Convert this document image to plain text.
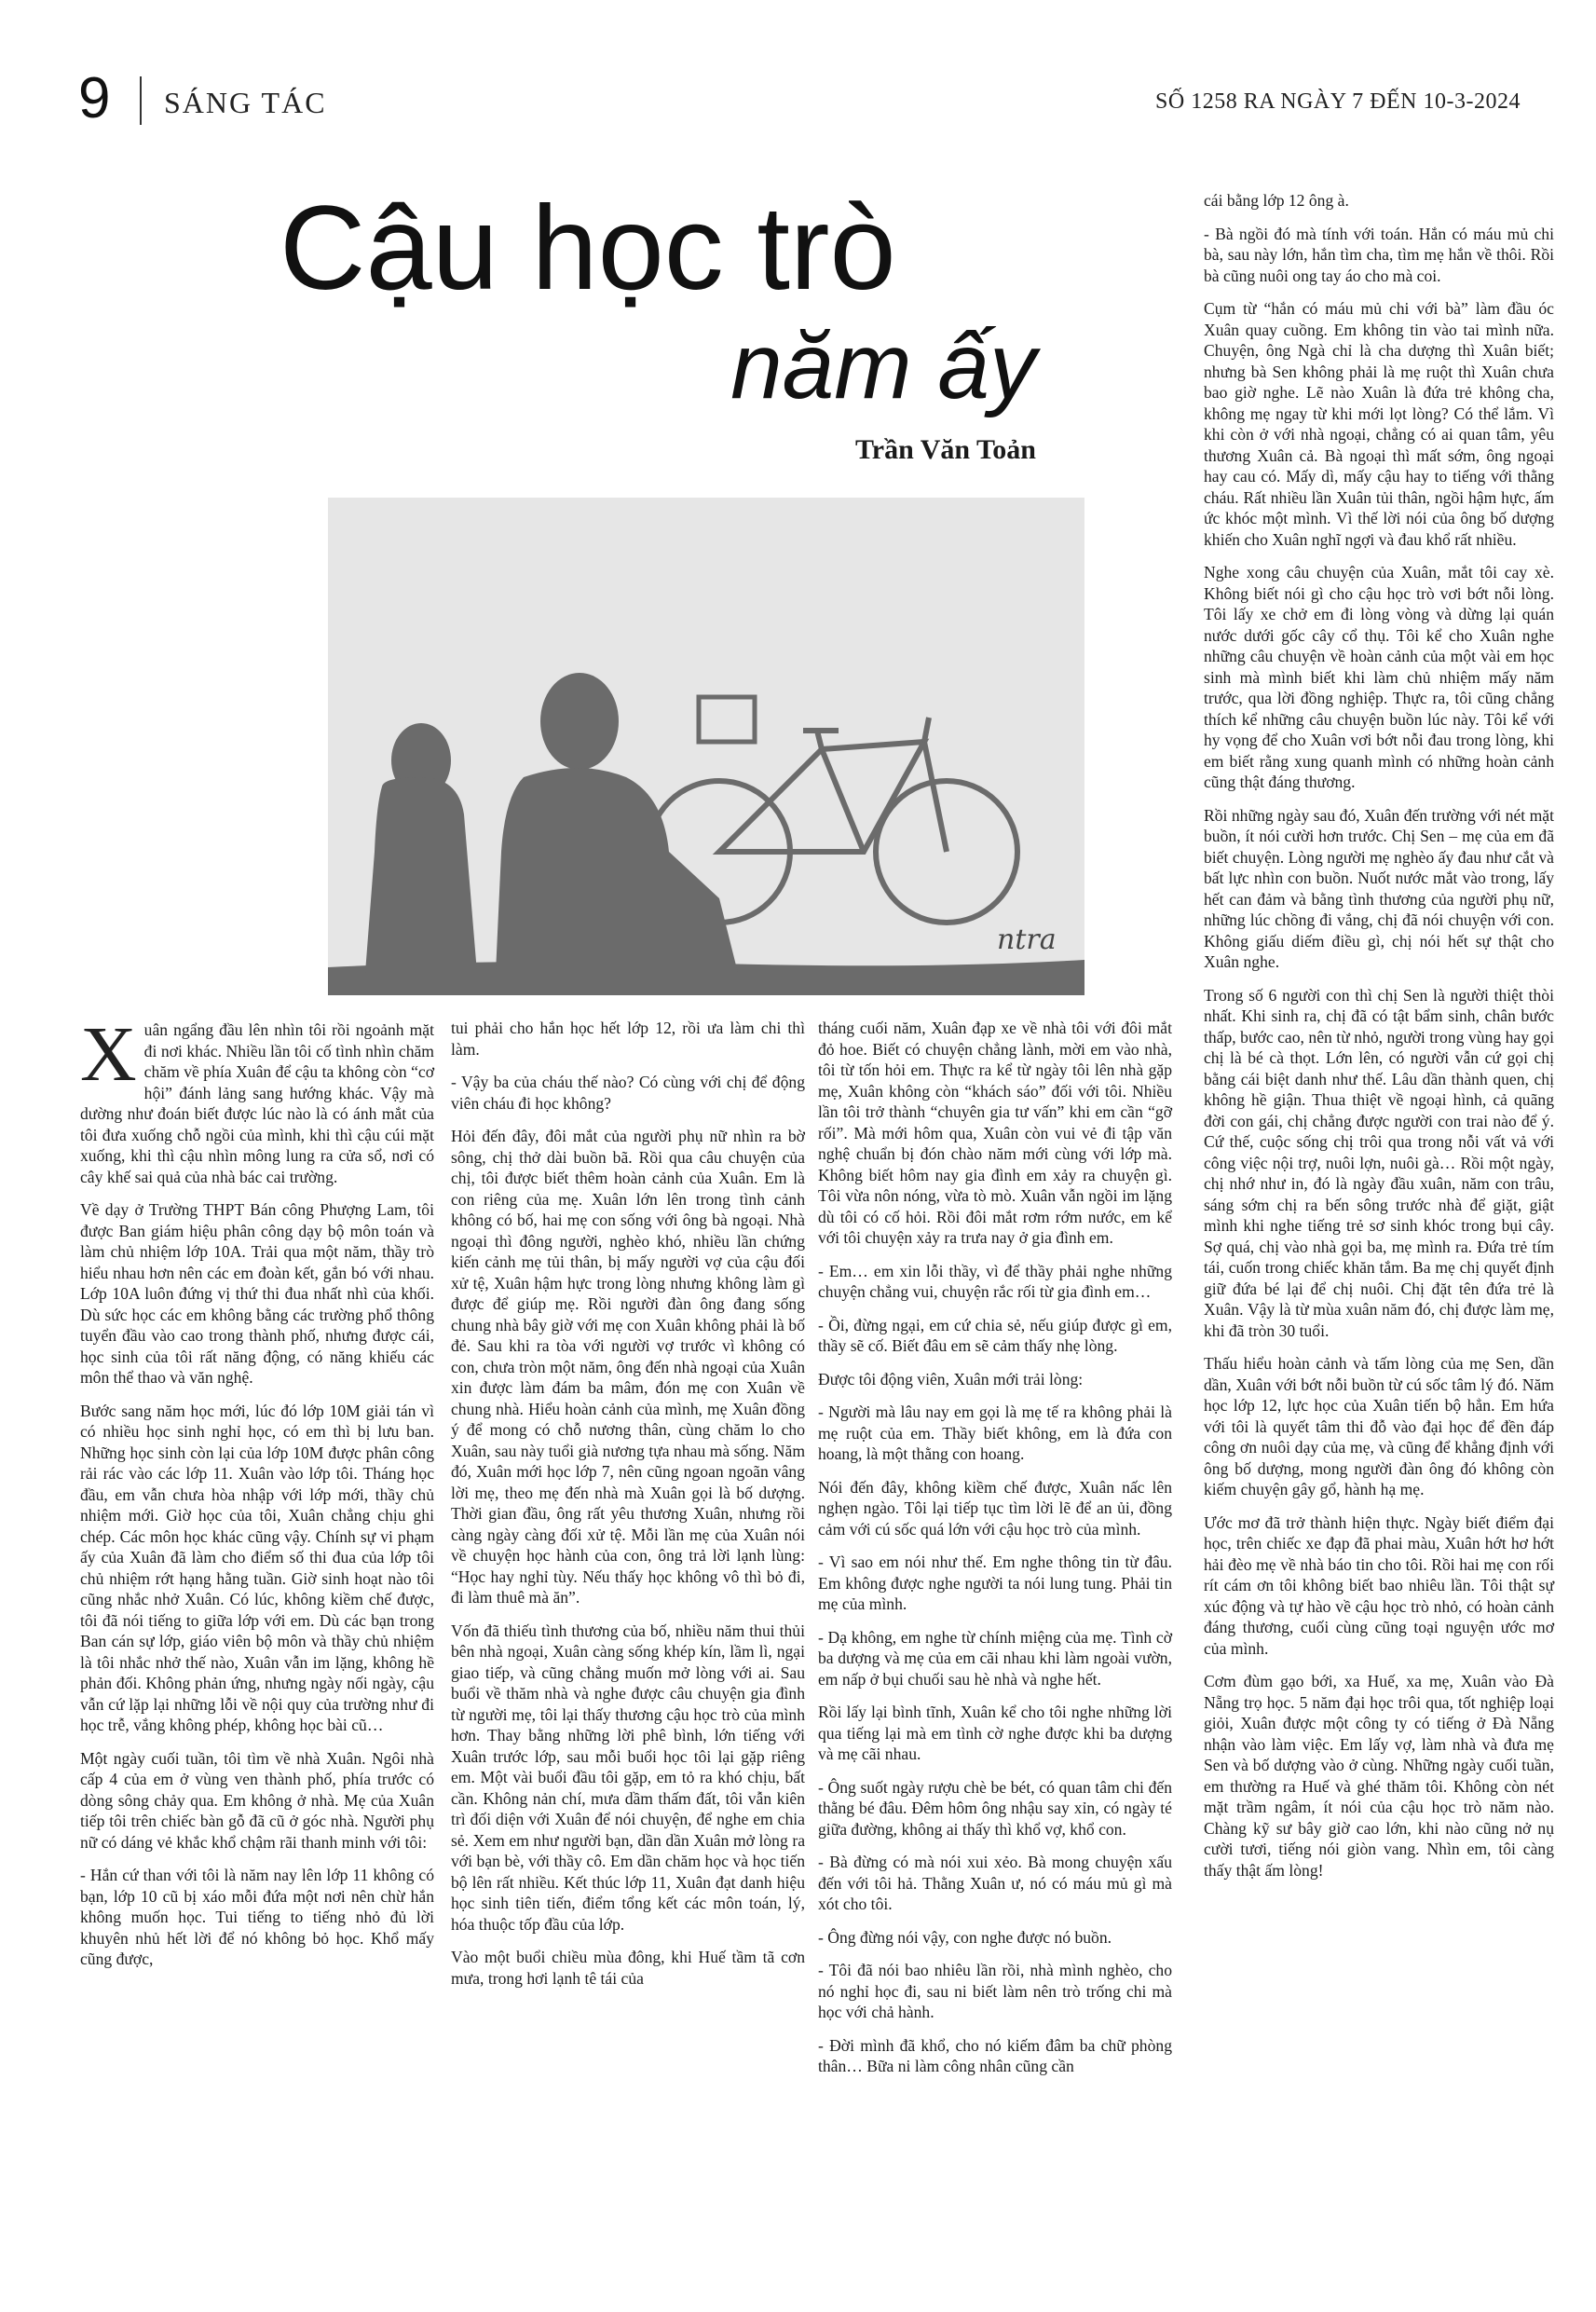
9 SÁNG TÁC	SỐ 1258 RA NGÀY 7 ĐẾN 10-3-2024
Cậu học trò
năm ấy
Trần Văn Toản
ntra

Xuân ngẩng đầu lên nhìn tôi rồi ngoảnh mặt đi nơi khác. Nhiều lần tôi cố tình nhìn chăm chăm về phía Xuân để cậu ta không còn “cơ hội” đánh lảng sang hướng khác. Vậy mà dường như đoán biết được lúc nào là có ánh mắt của tôi đưa xuống chỗ ngồi của mình, khi thì cậu cúi mặt xuống, khi thì cậu nhìn mông lung ra cửa sổ, nơi có cây khế sai quả của nhà bác cai trường.

Về dạy ở Trường THPT Bán công Phượng Lam, tôi được Ban giám hiệu phân công dạy bộ môn toán và làm chủ nhiệm lớp 10A. Trải qua một năm, thầy trò hiểu nhau hơn nên các em đoàn kết, gắn bó với nhau. Lớp 10A luôn đứng vị thứ thi đua nhất nhì của khối. Dù sức học các em không bằng các trường phổ thông tuyển đầu vào cao trong thành phố, nhưng được cái, học sinh của tôi rất năng động, có năng khiếu các môn thể thao và văn nghệ.

Bước sang năm học mới, lúc đó lớp 10M giải tán vì có nhiều học sinh nghỉ học, có em thì bị lưu ban. Những học sinh còn lại của lớp 10M được phân công rải rác vào các lớp 11. Xuân vào lớp tôi. Tháng học đầu, em vẫn chưa hòa nhập với lớp mới, thầy chủ nhiệm mới. Giờ học của tôi, Xuân chẳng chịu ghi chép. Các môn học khác cũng vậy. Chính sự vi phạm ấy của Xuân đã làm cho điểm số thi đua của lớp tôi chủ nhiệm rớt hạng hằng tuần. Giờ sinh hoạt nào tôi cũng nhắc nhở Xuân. Có lúc, không kiềm chế được, tôi đã nói tiếng to giữa lớp với em. Dù các bạn trong Ban cán sự lớp, giáo viên bộ môn và thầy chủ nhiệm là tôi nhắc nhở thế nào, Xuân vẫn im lặng, không hề phản đối. Không phản ứng, nhưng ngày nối ngày, cậu vẫn cứ lặp lại những lỗi về nội quy của trường như đi học trễ, vắng không phép, không học bài cũ…

Một ngày cuối tuần, tôi tìm về nhà Xuân. Ngôi nhà cấp 4 của em ở vùng ven thành phố, phía trước có dòng sông chảy qua. Em không ở nhà. Mẹ của Xuân tiếp tôi trên chiếc bàn gỗ đã cũ ở góc nhà. Người phụ nữ có dáng vẻ khắc khổ chậm rãi thanh minh với tôi:

- Hắn cứ than với tôi là năm nay lên lớp 11 không có bạn, lớp 10 cũ bị xáo mỗi đứa một nơi nên chừ hắn không muốn học. Tui tiếng to tiếng nhỏ đủ lời khuyên nhủ hết lời để nó không bỏ học. Khổ mấy cũng được,

tui phải cho hắn học hết lớp 12, rồi ưa làm chi thì làm.

- Vậy ba của cháu thế nào? Có cùng với chị để động viên cháu đi học không?

Hỏi đến đây, đôi mắt của người phụ nữ nhìn ra bờ sông, chị thở dài buồn bã. Rồi qua câu chuyện của chị, tôi được biết thêm hoàn cảnh của Xuân. Em là con riêng của mẹ. Xuân lớn lên trong tình cảnh không có bố, hai mẹ con sống với ông bà ngoại. Nhà ngoại thì đông người, nghèo khó, nhiều lần chứng kiến cảnh mẹ tủi thân, bị mấy người vợ của cậu đối xử tệ, Xuân hậm hực trong lòng nhưng không làm gì được để giúp mẹ. Rồi người đàn ông đang sống chung nhà bây giờ với mẹ con Xuân không phải là bố đẻ. Sau khi ra tòa với người vợ trước vì không có con, chưa tròn một năm, ông đến nhà ngoại của Xuân xin được làm đám ba mâm, đón mẹ con Xuân về chung nhà. Hiểu hoàn cảnh của mình, mẹ Xuân đồng ý để mong có chỗ nương thân, cùng chăm lo cho Xuân, sau này tuổi già nương tựa nhau mà sống. Năm đó, Xuân mới học lớp 7, nên cũng ngoan ngoãn vâng lời mẹ, theo mẹ đến nhà mà Xuân gọi là bố dượng. Thời gian đầu, ông rất yêu thương Xuân, nhưng rồi càng ngày càng đối xử tệ. Mỗi lần mẹ của Xuân nói về chuyện học hành của con, ông trả lời lạnh lùng: “Học hay nghỉ tùy. Nếu thấy học không vô thì bỏ đi, đi làm thuê mà ăn”.

Vốn đã thiếu tình thương của bố, nhiều năm thui thủi bên nhà ngoại, Xuân càng sống khép kín, lầm lì, ngại giao tiếp, và cũng chẳng muốn mở lòng với ai. Sau buổi về thăm nhà và nghe được câu chuyện gia đình từ người mẹ, tôi lại thấy thương cậu học trò của mình hơn. Thay bằng những lời phê bình, lớn tiếng với Xuân trước lớp, sau mỗi buổi học tôi lại gặp riêng em. Một vài buổi đầu tôi gặp, em tỏ ra khó chịu, bất cần. Không nản chí, mưa dầm thấm đất, tôi vẫn kiên trì đối diện với Xuân để nói chuyện, để nghe em chia sẻ. Xem em như người bạn, dần dần Xuân mở lòng ra với bạn bè, với thầy cô. Em dần chăm học và học tiến bộ lên rất nhiều. Kết thúc lớp 11, Xuân đạt danh hiệu học sinh tiên tiến, điểm tổng kết các môn toán, lý, hóa thuộc tốp đầu của lớp.

Vào một buổi chiều mùa đông, khi Huế tầm tã cơn mưa, trong hơi lạnh tê tái của

tháng cuối năm, Xuân đạp xe về nhà tôi với đôi mắt đỏ hoe. Biết có chuyện chẳng lành, mời em vào nhà, tôi từ tốn hỏi em. Thực ra kể từ ngày tôi lên nhà gặp mẹ, Xuân không còn “khách sáo” đối với tôi. Nhiều lần tôi trở thành “chuyên gia tư vấn” khi em cần “gỡ rối”. Mà mới hôm qua, Xuân còn vui vẻ đi tập văn nghệ chuẩn bị đón chào năm mới cùng với lớp mà. Không biết hôm nay gia đình em xảy ra chuyện gì. Tôi vừa nôn nóng, vừa tò mò. Xuân vẫn ngồi im lặng dù tôi có cố hỏi. Rồi đôi mắt rơm rớm nước, em kể với tôi chuyện xảy ra trưa nay ở gia đình em.

- Em… em xin lỗi thầy, vì để thầy phải nghe những chuyện chẳng vui, chuyện rắc rối từ gia đình em…

- Ồi, đừng ngại, em cứ chia sẻ, nếu giúp được gì em, thầy sẽ cố. Biết đâu em sẽ cảm thấy nhẹ lòng.

Được tôi động viên, Xuân mới trải lòng:

- Người mà lâu nay em gọi là mẹ tế ra không phải là mẹ ruột của em. Thầy biết không, em là đứa con hoang, là một thằng con hoang.

Nói đến đây, không kiềm chế được, Xuân nấc lên nghẹn ngào. Tôi lại tiếp tục tìm lời lẽ để an ủi, đồng cảm với cú sốc quá lớn với cậu học trò của mình.

- Vì sao em nói như thế. Em nghe thông tin từ đâu. Em không được nghe người ta nói lung tung. Phải tin mẹ của mình.

- Dạ không, em nghe từ chính miệng của mẹ. Tình cờ ba dượng và mẹ của em cãi nhau khi làm ngoài vườn, em nấp ở bụi chuối sau hè nhà và nghe hết.

Rồi lấy lại bình tĩnh, Xuân kể cho tôi nghe những lời qua tiếng lại mà em tình cờ nghe được khi ba dượng và mẹ cãi nhau.

- Ông suốt ngày rượu chè be bét, có quan tâm chi đến thằng bé đâu. Đêm hôm ông nhậu say xỉn, có ngày té giữa đường, không ai thấy thì khổ vợ, khổ con.

- Bà đừng có mà nói xui xẻo. Bà mong chuyện xấu đến với tôi hả. Thằng Xuân ư, nó có máu mủ gì mà xót cho tôi.

- Ông đừng nói vậy, con nghe được nó buồn.

- Tôi đã nói bao nhiêu lần rồi, nhà mình nghèo, cho nó nghỉ học đi, sau ni biết làm nên trò trống chi mà học với chả hành.

- Đời mình đã khổ, cho nó kiếm đâm ba chữ phòng thân… Bữa ni làm công nhân cũng cần

cái bằng lớp 12 ông à.

- Bà ngồi đó mà tính với toán. Hắn có máu mủ chi bà, sau này lớn, hắn tìm cha, tìm mẹ hắn về thôi. Rồi bà cũng nuôi ong tay áo cho mà coi.

Cụm từ “hắn có máu mủ chi với bà” làm đầu óc Xuân quay cuồng. Em không tin vào tai mình nữa. Chuyện, ông Ngà chỉ là cha dượng thì Xuân biết; nhưng bà Sen không phải là mẹ ruột thì Xuân chưa bao giờ nghe. Lẽ nào Xuân là đứa trẻ không cha, không mẹ ngay từ khi mới lọt lòng? Có thể lắm. Vì khi còn ở với nhà ngoại, chẳng có ai quan tâm, yêu thương Xuân cả. Bà ngoại thì mất sớm, ông ngoại hay cau có. Mấy dì, mấy cậu hay to tiếng với thằng cháu. Rất nhiều lần Xuân tủi thân, ngồi hậm hực, ấm ức khóc một mình. Vì thế lời nói của ông bố dượng khiến cho Xuân nghĩ ngợi và đau khổ rất nhiều.

Nghe xong câu chuyện của Xuân, mắt tôi cay xè. Không biết nói gì cho cậu học trò vơi bớt nỗi lòng. Tôi lấy xe chở em đi lòng vòng và dừng lại quán nước dưới gốc cây cổ thụ. Tôi kể cho Xuân nghe những câu chuyện về hoàn cảnh của một vài em học sinh mà mình biết khi làm chủ nhiệm mấy năm trước, qua lời đồng nghiệp. Thực ra, tôi cũng chẳng thích kể những câu chuyện buồn lúc này. Tôi kể với hy vọng để cho Xuân vơi bớt nỗi đau trong lòng, khi em biết rằng xung quanh mình có những hoàn cảnh cũng thật đáng thương.

Rồi những ngày sau đó, Xuân đến trường với nét mặt buồn, ít nói cười hơn trước. Chị Sen – mẹ của em đã biết chuyện. Lòng người mẹ nghèo ấy đau như cắt và bất lực nhìn con buồn. Nuốt nước mắt vào trong, lấy hết can đảm và bằng tình thương của người phụ nữ, những lúc chồng đi vắng, chị đã nói chuyện với con. Không giấu diếm điều gì, chị nói hết sự thật cho Xuân nghe.

Trong số 6 người con thì chị Sen là người thiệt thòi nhất. Khi sinh ra, chị đã có tật bẩm sinh, chân bước thấp, bước cao, nên từ nhỏ, người trong vùng hay gọi chị là bé cà thọt. Lớn lên, có người vẫn cứ gọi chị bằng cái biệt danh như thế. Lâu dần thành quen, chị không hề giận. Thua thiệt về ngoại hình, cả quãng đời con gái, chị chẳng được người con trai nào để ý. Cứ thế, cuộc sống chị trôi qua trong nỗi vất vả với công việc nội trợ, nuôi lợn, nuôi gà… Rồi một ngày, chị nhớ như in, đó là ngày đầu xuân, năm con trâu, sáng sớm chị ra bến sông trước nhà để giặt, giật mình khi nghe tiếng trẻ sơ sinh khóc trong bụi cây. Sợ quá, chị vào nhà gọi ba, mẹ mình ra. Đứa trẻ tím tái, cuốn trong chiếc khăn tắm. Ba mẹ chị quyết định giữ đứa bé lại để chị nuôi. Chị đặt tên đứa trẻ là Xuân. Vậy là từ mùa xuân năm đó, chị được làm mẹ, khi đã tròn 30 tuổi.

Thấu hiểu hoàn cảnh và tấm lòng của mẹ Sen, dần dần, Xuân với bớt nỗi buồn từ cú sốc tâm lý đó. Năm học lớp 12, lực học của Xuân tiến bộ hẳn. Em hứa với tôi là quyết tâm thi đỗ vào đại học để đền đáp công ơn nuôi dạy của mẹ, và cũng để khẳng định với ông bố dượng, mong người đàn ông đó không còn kiếm chuyện gây gổ, hành hạ mẹ.

Ước mơ đã trở thành hiện thực. Ngày biết điểm đại học, trên chiếc xe đạp đã phai màu, Xuân hớt hơ hớt hải đèo mẹ về nhà báo tin cho tôi. Rồi hai mẹ con rối rít cám ơn tôi không biết bao nhiêu lần. Tôi thật sự xúc động và tự hào về cậu học trò nhỏ, có hoàn cảnh đáng thương, cuối cùng cũng toại nguyện ước mơ của mình.

Cơm đùm gạo bới, xa Huế, xa mẹ, Xuân vào Đà Nẵng trọ học. 5 năm đại học trôi qua, tốt nghiệp loại giỏi, Xuân được một công ty có tiếng ở Đà Nẵng nhận vào làm việc. Em lấy vợ, làm nhà và đưa mẹ Sen và bố dượng vào ở cùng. Những ngày cuối tuần, em thường ra Huế và ghé thăm tôi. Không còn nét mặt trầm ngâm, ít nói của cậu học trò năm nào. Chàng kỹ sư bây giờ cao lớn, khi nào cũng nở nụ cười tươi, tiếng nói giòn vang. Nhìn em, tôi càng thấy thật ấm lòng!
